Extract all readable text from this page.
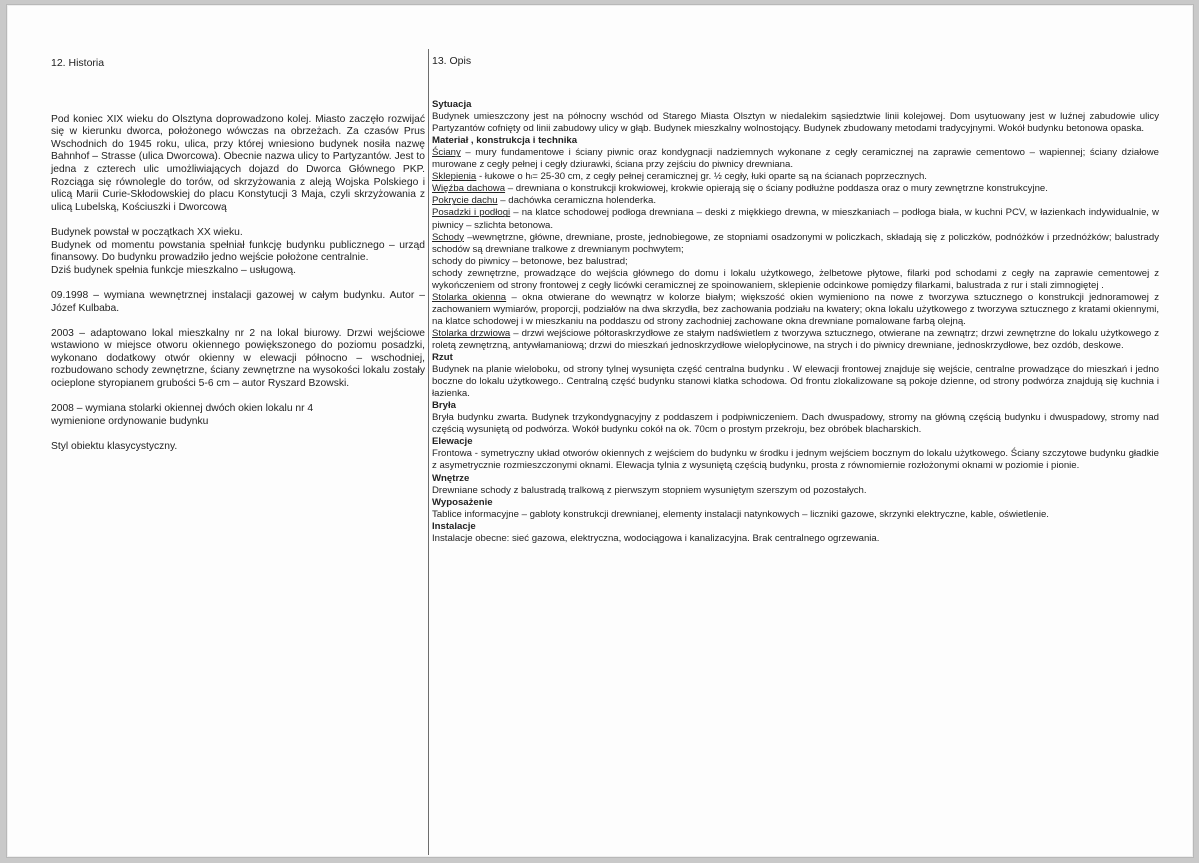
12. Historia

Pod koniec XIX wieku do Olsztyna doprowadzono kolej. Miasto zaczęło rozwijać się w kierunku dworca, położonego wówczas na obrzeżach. Za czasów Prus Wschodnich do 1945 roku, ulica, przy której wniesiono budynek nosiła nazwę Bahnhof – Strasse (ulica Dworcowa). Obecnie nazwa ulicy to Partyzantów. Jest to jedna z czterech ulic umożliwiających dojazd do Dworca Głównego PKP. Rozciąga się równolegle do torów, od skrzyżowania z aleją Wojska Polskiego i ulicą Marii Curie-Skłodowskiej do placu Konstytucji 3 Maja, czyli skrzyżowania z ulicą Lubelską, Kościuszki i Dworcową

Budynek powstał w początkach XX wieku.

Budynek od momentu powstania spełniał funkcję budynku publicznego – urząd finansowy. Do budynku prowadziło jedno wejście położone centralnie.

Dziś budynek spełnia funkcje mieszkalno – usługową.

09.1998 – wymiana wewnętrznej instalacji gazowej w całym budynku. Autor – Józef Kulbaba.

2003 – adaptowano lokal mieszkalny nr 2 na lokal biurowy. Drzwi wejściowe wstawiono w miejsce otworu okiennego powiększonego do poziomu posadzki, wykonano dodatkowy otwór okienny w elewacji północno – wschodniej, rozbudowano schody zewnętrzne, ściany zewnętrzne na wysokości lokalu zostały ocieplone styropianem grubości 5-6 cm – autor Ryszard Bzowski.

2008 – wymiana stolarki okiennej dwóch okien lokalu nr 4

wymienione ordynowanie budynku

Styl obiektu klasycystyczny.

13. Opis

Sytuacja

Budynek umieszczony jest na północny wschód od Starego Miasta Olsztyn w niedalekim sąsiedztwie linii kolejowej. Dom usytuowany jest w luźnej zabudowie ulicy Partyzantów cofnięty od linii zabudowy ulicy w głąb. Budynek mieszkalny wolnostojący. Budynek zbudowany metodami tradycyjnymi. Wokół budynku betonowa opaska.

Materiał , konstrukcja i technika

Ściany – mury fundamentowe i ściany piwnic oraz kondygnacji nadziemnych wykonane z cegły ceramicznej na zaprawie cementowo – wapiennej; ściany działowe murowane z cegły pełnej i cegły dziurawki, ściana przy zejściu do piwnicy drewniana.

Sklepienia - łukowe o hₗ= 25-30 cm, z cegły pełnej ceramicznej gr. ½ cegły, łuki oparte są na ścianach poprzecznych.

Więźba dachowa – drewniana o konstrukcji krokwiowej, krokwie opierają się o ściany podłużne poddasza oraz o mury zewnętrzne konstrukcyjne.

Pokrycie dachu – dachówka ceramiczna holenderka.

Posadzki i podłogi – na klatce schodowej podłoga drewniana – deski z miękkiego drewna, w mieszkaniach – podłoga biała, w kuchni PCV, w łazienkach indywidualnie, w piwnicy – szlichta betonowa.

Schody –wewnętrzne, główne, drewniane, proste, jednobiegowe, ze stopniami osadzonymi w policzkach, składają się z policzków, podnóżków i przednóżków; balustrady schodów są drewniane tralkowe z drewnianym pochwytem;
schody do piwnicy – betonowe, bez balustrad;
schody zewnętrzne, prowadzące do wejścia głównego do domu i lokalu użytkowego, żelbetowe płytowe, filarki pod schodami z cegły na zaprawie cementowej z wykończeniem od strony frontowej z cegły licówki ceramicznej ze spoinowaniem, sklepienie odcinkowe pomiędzy filarkami, balustrada z rur i stali zimnogiętej .

Stolarka okienna – okna otwierane do wewnątrz w kolorze białym; większość okien wymieniono na nowe z tworzywa sztucznego o konstrukcji jednoramowej z zachowaniem wymiarów, proporcji, podziałów na dwa skrzydła, bez zachowania podziału na kwatery; okna lokalu użytkowego z tworzywa sztucznego z kratami okiennymi, na klatce schodowej i w mieszkaniu na poddaszu od strony zachodniej zachowane okna drewniane pomalowane farbą olejną.

Stolarka drzwiowa – drzwi wejściowe półtoraskrzydłowe ze stałym nadświetlem z tworzywa sztucznego, otwierane na zewnątrz; drzwi zewnętrzne do lokalu użytkowego z roletą zewnętrzną, antywłamaniową; drzwi do mieszkań jednoskrzydłowe wielopłycinowe, na strych i do piwnicy drewniane, jednoskrzydłowe, bez ozdób, deskowe.

Rzut

Budynek na planie wieloboku, od strony tylnej wysunięta część centralna budynku . W elewacji frontowej znajduje się wejście, centralne prowadzące do mieszkań i jedno boczne do lokalu użytkowego.. Centralną część budynku stanowi klatka schodowa. Od frontu zlokalizowane są pokoje dzienne, od strony podwórza znajdują się kuchnia i łazienka.

Bryła

Bryła budynku zwarta. Budynek trzykondygnacyjny z poddaszem i podpiwniczeniem. Dach dwuspadowy, stromy na główną częścią budynku i dwuspadowy, stromy nad częścią wysuniętą od podwórza. Wokół budynku cokół na ok. 70cm o prostym przekroju, bez obróbek blacharskich.

Elewacje

Frontowa - symetryczny układ otworów okiennych z wejściem do budynku w środku i jednym wejściem bocznym do lokalu użytkowego. Ściany szczytowe budynku gładkie z asymetrycznie rozmieszczonymi oknami. Elewacja tylnia z wysuniętą częścią budynku, prosta z równomiernie rozłożonymi oknami w poziomie i pionie.

Wnętrze

Drewniane schody z balustradą tralkową z pierwszym stopniem wysuniętym szerszym od pozostałych.

Wyposażenie

Tablice informacyjne – gabloty konstrukcji drewnianej, elementy instalacji natynkowych – liczniki gazowe, skrzynki elektryczne, kable, oświetlenie.

Instalacje

Instalacje obecne: sieć gazowa, elektryczna, wodociągowa i kanalizacyjna. Brak centralnego ogrzewania.
